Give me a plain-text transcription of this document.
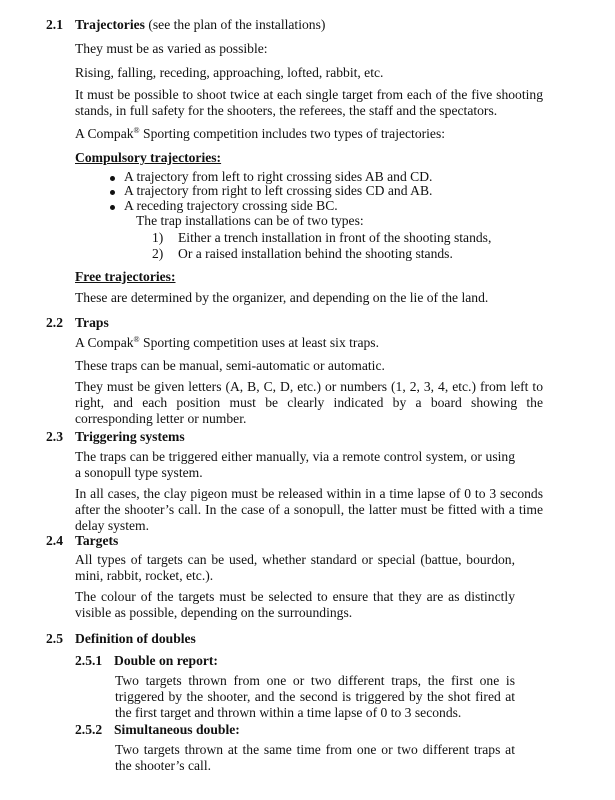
2.1 Trajectories (see the plan of the installations)

They must be as varied as possible:

Rising, falling, receding, approaching, lofted, rabbit, etc.

It must be possible to shoot twice at each single target from each of the five shooting stands, in full safety for the shooters, the referees, the staff and the spectators.

A Compak® Sporting competition includes two types of trajectories:

Compulsory trajectories:

A trajectory from left to right crossing sides AB and CD.

A trajectory from right to left crossing sides CD and AB.

A receding trajectory crossing side BC.

The trap installations can be of two types:

1) Either a trench installation in front of the shooting stands,

2) Or a raised installation behind the shooting stands.

Free trajectories:

These are determined by the organizer, and depending on the lie of the land.

2.2 Traps

A Compak® Sporting competition uses at least six traps.

These traps can be manual, semi-automatic or automatic.

They must be given letters (A, B, C, D, etc.) or numbers (1, 2, 3, 4, etc.) from left to right, and each position must be clearly indicated by a board showing the corresponding letter or number.

2.3 Triggering systems

The traps can be triggered either manually, via a remote control system, or using a sonopull type system.

In all cases, the clay pigeon must be released within in a time lapse of 0 to 3 seconds after the shooter’s call. In the case of a sonopull, the latter must be fitted with a time delay system.

2.4 Targets

All types of targets can be used, whether standard or special (battue, bourdon, mini, rabbit, rocket, etc.).

The colour of the targets must be selected to ensure that they are as distinctly visible as possible, depending on the surroundings.

2.5 Definition of doubles
2.5.1 Double on report:

Two targets thrown from one or two different traps, the first one is triggered by the shooter, and the second is triggered by the shot fired at the first target and thrown within a time lapse of 0 to 3 seconds.

2.5.2 Simultaneous double:

Two targets thrown at the same time from one or two different traps at the shooter’s call.
